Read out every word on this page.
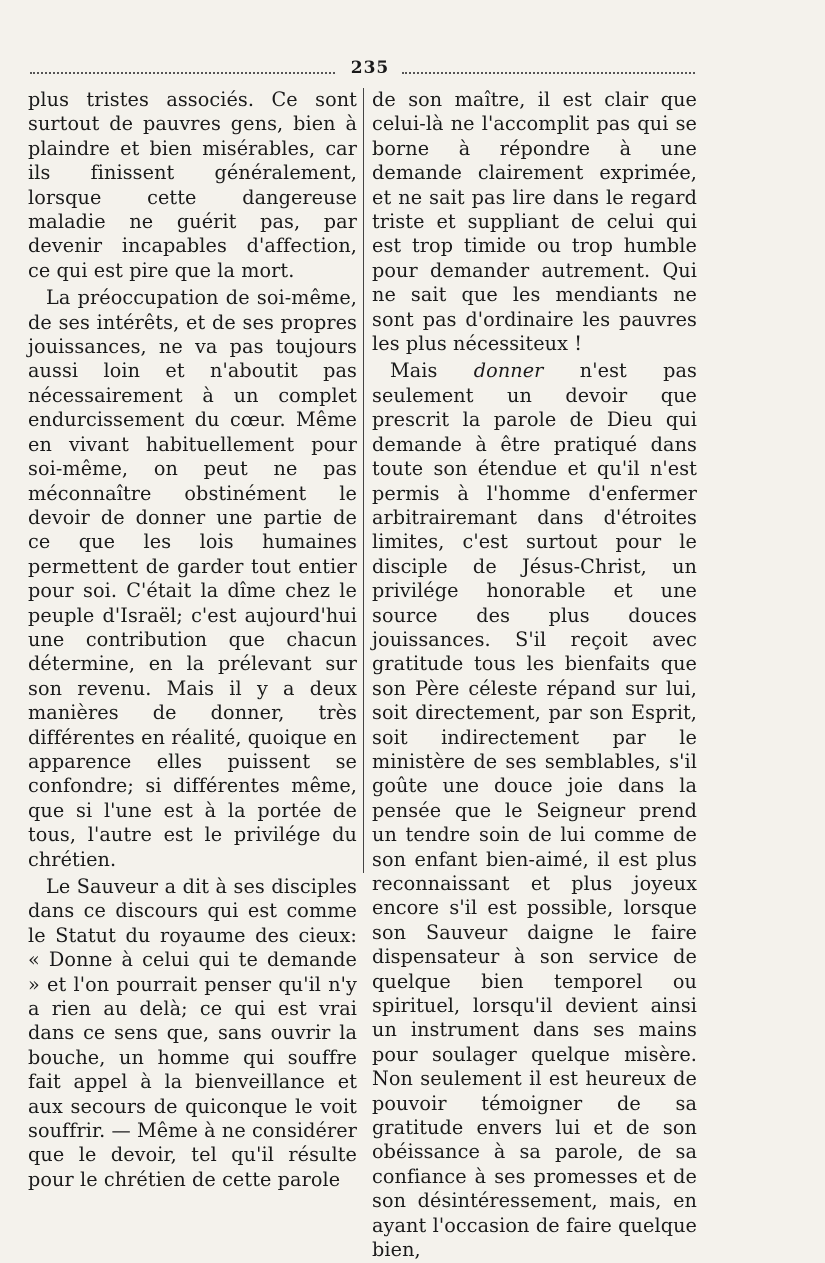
235

plus tristes associés. Ce sont surtout de pauvres gens, bien à plaindre et bien misérables, car ils finissent généralement, lorsque cette dangereuse maladie ne guérit pas, par devenir incapables d'affection, ce qui est pire que la mort.

La préoccupation de soi-même, de ses intérêts, et de ses propres jouissances, ne va pas toujours aussi loin et n'aboutit pas nécessairement à un complet endurcissement du cœur. Même en vivant habituellement pour soi-même, on peut ne pas méconnaître obstinément le devoir de donner une partie de ce que les lois humaines permettent de garder tout entier pour soi. C'était la dîme chez le peuple d'Israël; c'est aujourd'hui une contribution que chacun détermine, en la prélevant sur son revenu. Mais il y a deux manières de donner, très différentes en réalité, quoique en apparence elles puissent se confondre; si différentes même, que si l'une est à la portée de tous, l'autre est le privilége du chrétien.

Le Sauveur a dit à ses disciples dans ce discours qui est comme le Statut du royaume des cieux: « Donne à celui qui te demande » et l'on pourrait penser qu'il n'y a rien au delà; ce qui est vrai dans ce sens que, sans ouvrir la bouche, un homme qui souffre fait appel à la bienveillance et aux secours de quiconque le voit souffrir. — Même à ne considérer que le devoir, tel qu'il résulte pour le chrétien de cette parole

de son maître, il est clair que celui-là ne l'accomplit pas qui se borne à répondre à une demande clairement exprimée, et ne sait pas lire dans le regard triste et suppliant de celui qui est trop timide ou trop humble pour demander autrement. Qui ne sait que les mendiants ne sont pas d'ordinaire les pauvres les plus nécessiteux !

Mais donner n'est pas seulement un devoir que prescrit la parole de Dieu qui demande à être pratiqué dans toute son étendue et qu'il n'est permis à l'homme d'enfermer arbitrairemant dans d'étroites limites, c'est surtout pour le disciple de Jésus-Christ, un privilége honorable et une source des plus douces jouissances. S'il reçoit avec gratitude tous les bienfaits que son Père céleste répand sur lui, soit directement, par son Esprit, soit indirectement par le ministère de ses semblables, s'il goûte une douce joie dans la pensée que le Seigneur prend un tendre soin de lui comme de son enfant bien-aimé, il est plus reconnaissant et plus joyeux encore s'il est possible, lorsque son Sauveur daigne le faire dispensateur à son service de quelque bien temporel ou spirituel, lorsqu'il devient ainsi un instrument dans ses mains pour soulager quelque misère. Non seulement il est heureux de pouvoir témoigner de sa gratitude envers lui et de son obéissance à sa parole, de sa confiance à ses promesses et de son désintéressement, mais, en ayant l'occasion de faire quelque bien,
